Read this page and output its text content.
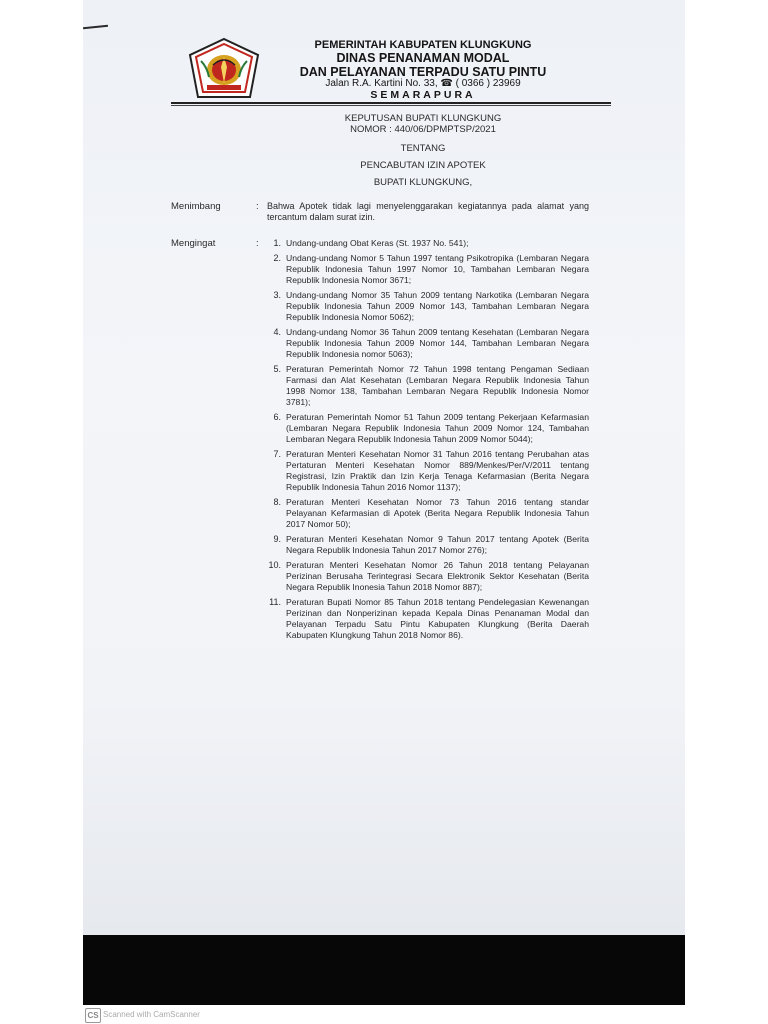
PEMERINTAH KABUPATEN KLUNGKUNG
DINAS PENANAMAN MODAL
DAN PELAYANAN TERPADU SATU PINTU
Jalan R.A. Kartini No. 33, ☎ ( 0366 ) 23969
SEMARAPURA
KEPUTUSAN BUPATI KLUNGKUNG
NOMOR : 440/06/DPMPTSP/2021
TENTANG
PENCABUTAN IZIN APOTEK
BUPATI KLUNGKUNG,
Menimbang	: Bahwa Apotek tidak lagi menyelenggarakan kegiatannya pada alamat yang tercantum dalam surat izin.
Mengingat	:	1. Undang-undang Obat Keras (St. 1937 No. 541);
2. Undang-undang Nomor 5 Tahun 1997 tentang Psikotropika (Lembaran Negara Republik Indonesia Tahun 1997 Nomor 10, Tambahan Lembaran Negara Republik Indonesia Nomor 3671;
3. Undang-undang Nomor 35 Tahun 2009 tentang Narkotika (Lembaran Negara Republik Indonesia Tahun 2009 Nomor 143, Tambahan Lembaran Negara Republik Indonesia Nomor 5062);
4. Undang-undang Nomor 36 Tahun 2009 tentang Kesehatan (Lembaran Negara Republik Indonesia Tahun 2009 Nomor 144, Tambahan Lembaran Negara Republik Indonesia nomor 5063);
5. Peraturan Pemerintah Nomor 72 Tahun 1998 tentang Pengaman Sediaan Farmasi dan Alat Kesehatan (Lembaran Negara Republik Indonesia Tahun 1998 Nomor 138, Tambahan Lembaran Negara Republik Indonesia Nomor 3781);
6. Peraturan Pemerintah Nomor 51 Tahun 2009 tentang Pekerjaan Kefarmasian (Lembaran Negara Republik Indonesia Tahun 2009 Nomor 124, Tambahan Lembaran Negara Republik Indonesia Tahun 2009 Nomor 5044);
7. Peraturan Menteri Kesehatan Nomor 31 Tahun 2016 tentang Perubahan atas Pertaturan Menteri Kesehatan Nomor 889/Menkes/Per/V/2011 tentang Registrasi, Izin Praktik dan Izin Kerja Tenaga Kefarmasian (Berita Negara Republik Indonesia Tahun 2016 Nomor 1137);
8. Peraturan Menteri Kesehatan Nomor 73 Tahun 2016 tentang standar Pelayanan Kefarmasian di Apotek (Berita Negara Republik Indonesia Tahun 2017 Nomor 50);
9. Peraturan Menteri Kesehatan Nomor 9 Tahun 2017 tentang Apotek (Berita Negara Republik Indonesia Tahun 2017 Nomor 276);
10. Peraturan Menteri Kesehatan Nomor 26 Tahun 2018 tentang Pelayanan Perizinan Berusaha Terintegrasi Secara Elektronik Sektor Kesehatan (Berita Negara Republik Inonesia Tahun 2018 Nomor 887);
11. Peraturan Bupati Nomor 85 Tahun 2018 tentang Pendelegasian Kewenangan Perizinan dan Nonperizinan kepada Kepala Dinas Penanaman Modal dan Pelayanan Terpadu Satu Pintu Kabupaten Klungkung (Berita Daerah Kabupaten Klungkung Tahun 2018 Nomor 86).
CS Scanned with CamScanner
